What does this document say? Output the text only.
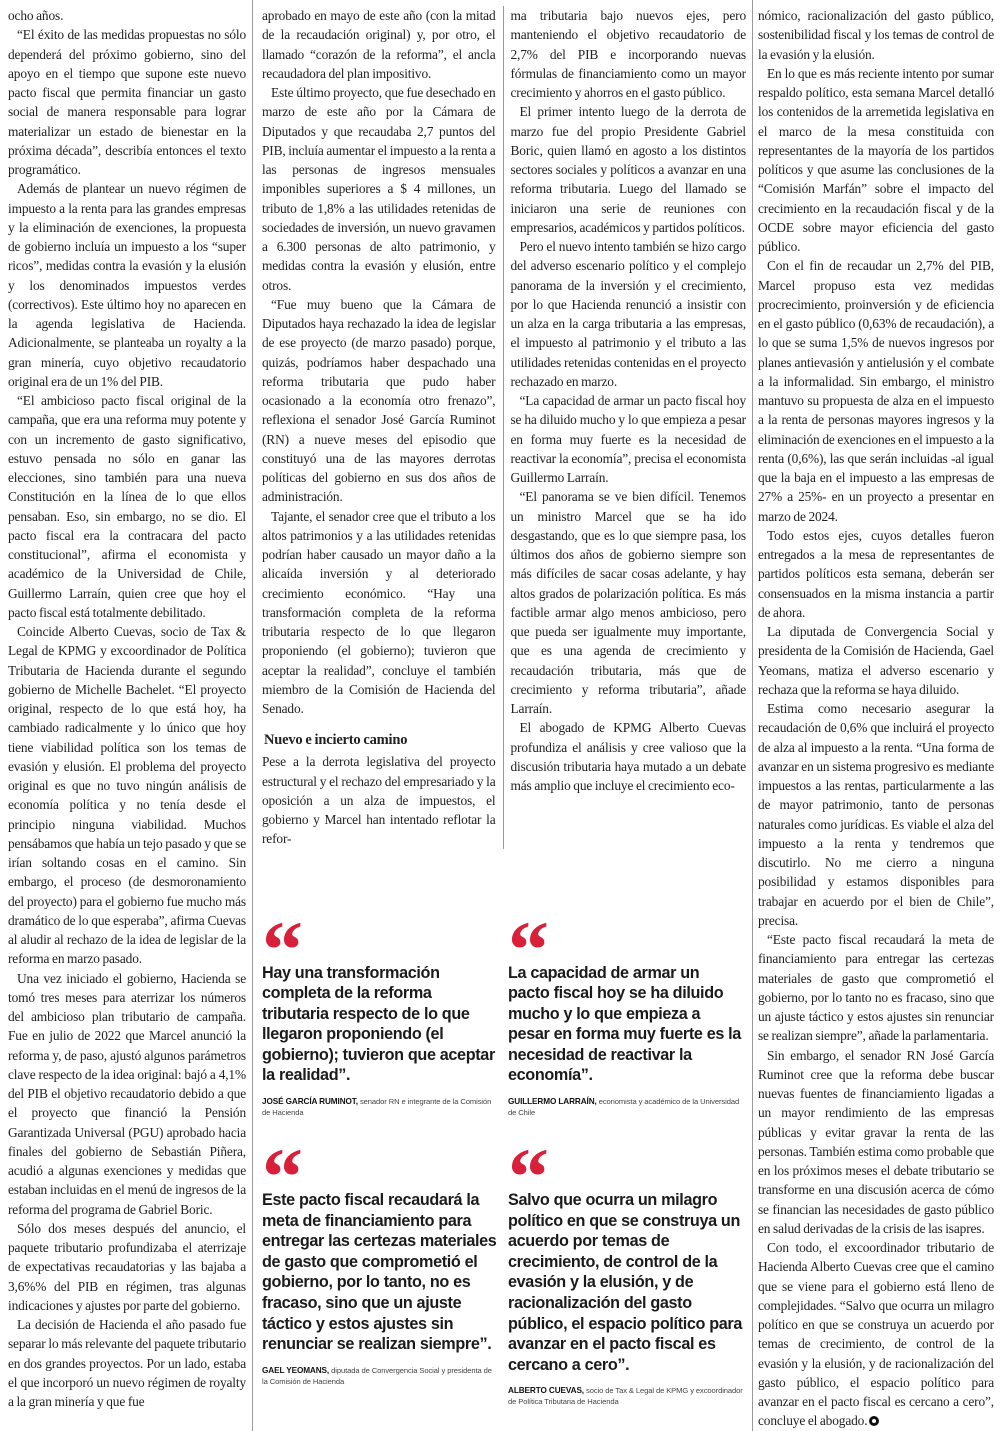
ocho años.

“El éxito de las medidas propuestas no sólo dependerá del próximo gobierno, sino del apoyo en el tiempo que supone este nuevo pacto fiscal que permita financiar un gasto social de manera responsable para lograr materializar un estado de bienestar en la próxima década”, describía entonces el texto programático.

Además de plantear un nuevo régimen de impuesto a la renta para las grandes empresas y la eliminación de exenciones, la propuesta de gobierno incluía un impuesto a los “super ricos”, medidas contra la evasión y la elusión y los denominados impuestos verdes (correctivos). Este último hoy no aparecen en la agenda legislativa de Hacienda. Adicionalmente, se planteaba un royalty a la gran minería, cuyo objetivo recaudatorio original era de un 1% del PIB.

“El ambicioso pacto fiscal original de la campaña, que era una reforma muy potente y con un incremento de gasto significativo, estuvo pensada no sólo en ganar las elecciones, sino también para una nueva Constitución en la línea de lo que ellos pensaban. Eso, sin embargo, no se dio. El pacto fiscal era la contracara del pacto constitucional”, afirma el economista y académico de la Universidad de Chile, Guillermo Larraín, quien cree que hoy el pacto fiscal está totalmente debilitado.

Coincide Alberto Cuevas, socio de Tax & Legal de KPMG y excoordinador de Política Tributaria de Hacienda durante el segundo gobierno de Michelle Bachelet. “El proyecto original, respecto de lo que está hoy, ha cambiado radicalmente y lo único que hoy tiene viabilidad política son los temas de evasión y elusión. El problema del proyecto original es que no tuvo ningún análisis de economía política y no tenía desde el principio ninguna viabilidad. Muchos pensábamos que había un tejo pasado y que se irían soltando cosas en el camino. Sin embargo, el proceso (de desmoronamiento del proyecto) para el gobierno fue mucho más dramático de lo que esperaba”, afirma Cuevas al aludir al rechazo de la idea de legislar de la reforma en marzo pasado.

Una vez iniciado el gobierno, Hacienda se tomó tres meses para aterrizar los números del ambicioso plan tributario de campaña. Fue en julio de 2022 que Marcel anunció la reforma y, de paso, ajustó algunos parámetros clave respecto de la idea original: bajó a 4,1% del PIB el objetivo recaudatorio debido a que el proyecto que financió la Pensión Garantizada Universal (PGU) aprobado hacia finales del gobierno de Sebastián Piñera, acudió a algunas exenciones y medidas que estaban incluidas en el menú de ingresos de la reforma del programa de Gabriel Boric.

Sólo dos meses después del anuncio, el paquete tributario profundizaba el aterrizaje de expectativas recaudatorias y las bajaba a 3,6%% del PIB en régimen, tras algunas indicaciones y ajustes por parte del gobierno.

La decisión de Hacienda el año pasado fue separar lo más relevante del paquete tributario en dos grandes proyectos. Por un lado, estaba el que incorporó un nuevo régimen de royalty a la gran minería y que fue

aprobado en mayo de este año (con la mitad de la recaudación original) y, por otro, el llamado “corazón de la reforma”, el ancla recaudadora del plan impositivo.

Este último proyecto, que fue desechado en marzo de este año por la Cámara de Diputados y que recaudaba 2,7 puntos del PIB, incluía aumentar el impuesto a la renta a las personas de ingresos mensuales imponibles superiores a $ 4 millones, un tributo de 1,8% a las utilidades retenidas de sociedades de inversión, un nuevo gravamen a 6.300 personas de alto patrimonio, y medidas contra la evasión y elusión, entre otros.

“Fue muy bueno que la Cámara de Diputados haya rechazado la idea de legislar de ese proyecto (de marzo pasado) porque, quizás, podríamos haber despachado una reforma tributaria que pudo haber ocasionado a la economía otro frenazo”, reflexiona el senador José García Ruminot (RN) a nueve meses del episodio que constituyó una de las mayores derrotas políticas del gobierno en sus dos años de administración.

Tajante, el senador cree que el tributo a los altos patrimonios y a las utilidades retenidas podrían haber causado un mayor daño a la alicaída inversión y al deteriorado crecimiento económico. “Hay una transformación completa de la reforma tributaria respecto de lo que llegaron proponiendo (el gobierno); tuvieron que aceptar la realidad”, concluye el también miembro de la Comisión de Hacienda del Senado.

Nuevo e incierto camino

Pese a la derrota legislativa del proyecto estructural y el rechazo del empresariado y la oposición a un alza de impuestos, el gobierno y Marcel han intentado reflotar la refor-

ma tributaria bajo nuevos ejes, pero manteniendo el objetivo recaudatorio de 2,7% del PIB e incorporando nuevas fórmulas de financiamiento como un mayor crecimiento y ahorros en el gasto público.

El primer intento luego de la derrota de marzo fue del propio Presidente Gabriel Boric, quien llamó en agosto a los distintos sectores sociales y políticos a avanzar en una reforma tributaria. Luego del llamado se iniciaron una serie de reuniones con empresarios, académicos y partidos políticos.

Pero el nuevo intento también se hizo cargo del adverso escenario político y el complejo panorama de la inversión y el crecimiento, por lo que Hacienda renunció a insistir con un alza en la carga tributaria a las empresas, el impuesto al patrimonio y el tributo a las utilidades retenidas contenidas en el proyecto rechazado en marzo.

“La capacidad de armar un pacto fiscal hoy se ha diluido mucho y lo que empieza a pesar en forma muy fuerte es la necesidad de reactivar la economía”, precisa el economista Guillermo Larraín.

“El panorama se ve bien difícil. Tenemos un ministro Marcel que se ha ido desgastando, que es lo que siempre pasa, los últimos dos años de gobierno siempre son más difíciles de sacar cosas adelante, y hay altos grados de polarización política. Es más factible armar algo menos ambicioso, pero que pueda ser igualmente muy importante, que es una agenda de crecimiento y recaudación tributaria, más que de crecimiento y reforma tributaria”, añade Larraín.

El abogado de KPMG Alberto Cuevas profundiza el análisis y cree valioso que la discusión tributaria haya mutado a un debate más amplio que incluye el crecimiento eco-

“
Hay una transformación completa de la reforma tributaria respecto de lo que llegaron proponiendo (el gobierno); tuvieron que aceptar la realidad”.
JOSÉ GARCÍA RUMINOT, senador RN e integrante de la Comisión de Hacienda
“
La capacidad de armar un pacto fiscal hoy se ha diluido mucho y lo que empieza a pesar en forma muy fuerte es la necesidad de reactivar la economía”.
GUILLERMO LARRAÍN, economista y académico de la Universidad de Chile
“
Este pacto fiscal recaudará la meta de financiamiento para entregar las certezas materiales de gasto que comprometió el gobierno, por lo tanto, no es fracaso, sino que un ajuste táctico y estos ajustes sin renunciar se realizan siempre”.
GAEL YEOMANS, diputada de Convergencia Social y presidenta de la Comisión de Hacienda
“
Salvo que ocurra un milagro político en que se construya un acuerdo por temas de crecimiento, de control de la evasión y la elusión, y de racionalización del gasto público, el espacio político para avanzar en el pacto fiscal es cercano a cero”.
ALBERTO CUEVAS, socio de Tax & Legal de KPMG y excoordinador de Política Tributaria de Hacienda

nómico, racionalización del gasto público, sostenibilidad fiscal y los temas de control de la evasión y la elusión.

En lo que es más reciente intento por sumar respaldo político, esta semana Marcel detalló los contenidos de la arremetida legislativa en el marco de la mesa constituida con representantes de la mayoría de los partidos políticos y que asume las conclusiones de la “Comisión Marfán” sobre el impacto del crecimiento en la recaudación fiscal y de la OCDE sobre mayor eficiencia del gasto público.

Con el fin de recaudar un 2,7% del PIB, Marcel propuso esta vez medidas procrecimiento, proinversión y de eficiencia en el gasto público (0,63% de recaudación), a lo que se suma 1,5% de nuevos ingresos por planes antievasión y antielusión y el combate a la informalidad. Sin embargo, el ministro mantuvo su propuesta de alza en el impuesto a la renta de personas mayores ingresos y la eliminación de exenciones en el impuesto a la renta (0,6%), las que serán incluidas -al igual que la baja en el impuesto a las empresas de 27% a 25%- en un proyecto a presentar en marzo de 2024.

Todo estos ejes, cuyos detalles fueron entregados a la mesa de representantes de partidos políticos esta semana, deberán ser consensuados en la misma instancia a partir de ahora.

La diputada de Convergencia Social y presidenta de la Comisión de Hacienda, Gael Yeomans, matiza el adverso escenario y rechaza que la reforma se haya diluido.

Estima como necesario asegurar la recaudación de 0,6% que incluirá el proyecto de alza al impuesto a la renta. “Una forma de avanzar en un sistema progresivo es mediante impuestos a las rentas, particularmente a las de mayor patrimonio, tanto de personas naturales como jurídicas. Es viable el alza del impuesto a la renta y tendremos que discutirlo. No me cierro a ninguna posibilidad y estamos disponibles para trabajar en acuerdo por el bien de Chile”, precisa.

“Este pacto fiscal recaudará la meta de financiamiento para entregar las certezas materiales de gasto que comprometió el gobierno, por lo tanto no es fracaso, sino que un ajuste táctico y estos ajustes sin renunciar se realizan siempre”, añade la parlamentaria.

Sin embargo, el senador RN José García Ruminot cree que la reforma debe buscar nuevas fuentes de financiamiento ligadas a un mayor rendimiento de las empresas públicas y evitar gravar la renta de las personas. También estima como probable que en los próximos meses el debate tributario se transforme en una discusión acerca de cómo se financian las necesidades de gasto público en salud derivadas de la crisis de las isapres.

Con todo, el excoordinador tributario de Hacienda Alberto Cuevas cree que el camino que se viene para el gobierno está lleno de complejidades. “Salvo que ocurra un milagro político en que se construya un acuerdo por temas de crecimiento, de control de la evasión y la elusión, y de racionalización del gasto público, el espacio político para avanzar en el pacto fiscal es cercano a cero”, concluye el abogado.
